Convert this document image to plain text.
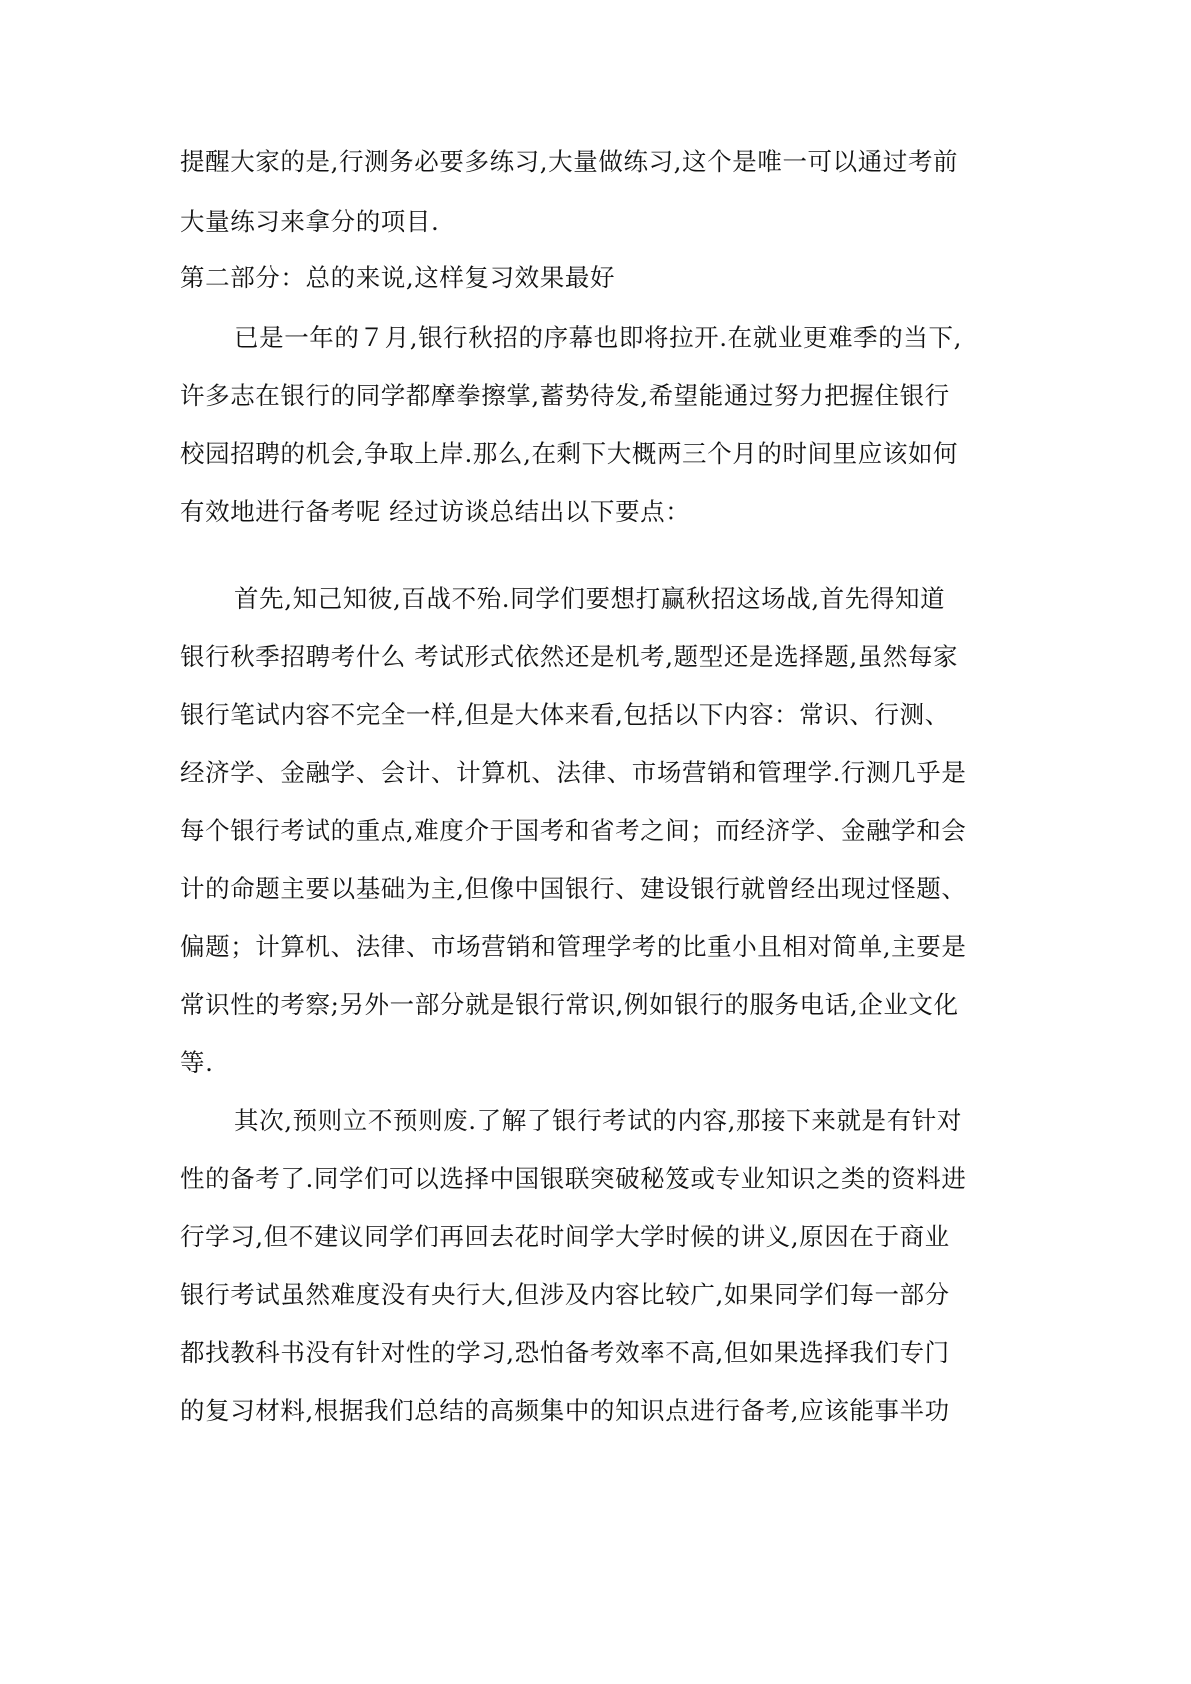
提醒大家的是,行测务必要多练习,大量做练习,这个是唯一可以通过考前
大量练习来拿分的项目.
第二部分：总的来说,这样复习效果最好
已是一年的７月,银行秋招的序幕也即将拉开.在就业更难季的当下,
许多志在银行的同学都摩拳擦掌,蓄势待发,希望能通过努力把握住银行
校园招聘的机会,争取上岸.那么,在剩下大概两三个月的时间里应该如何
有效地进行备考呢 经过访谈总结出以下要点：
首先,知己知彼,百战不殆.同学们要想打赢秋招这场战,首先得知道
银行秋季招聘考什么 考试形式依然还是机考,题型还是选择题,虽然每家
银行笔试内容不完全一样,但是大体来看,包括以下内容：常识、行测、
经济学、金融学、会计、计算机、法律、市场营销和管理学.行测几乎是
每个银行考试的重点,难度介于国考和省考之间；而经济学、金融学和会
计的命题主要以基础为主,但像中国银行、建设银行就曾经出现过怪题、
偏题；计算机、法律、市场营销和管理学考的比重小且相对简单,主要是
常识性的考察;另外一部分就是银行常识,例如银行的服务电话,企业文化
等.
其次,预则立不预则废.了解了银行考试的内容,那接下来就是有针对
性的备考了.同学们可以选择中国银联突破秘笈或专业知识之类的资料进
行学习,但不建议同学们再回去花时间学大学时候的讲义,原因在于商业
银行考试虽然难度没有央行大,但涉及内容比较广,如果同学们每一部分
都找教科书没有针对性的学习,恐怕备考效率不高,但如果选择我们专门
的复习材料,根据我们总结的高频集中的知识点进行备考,应该能事半功
